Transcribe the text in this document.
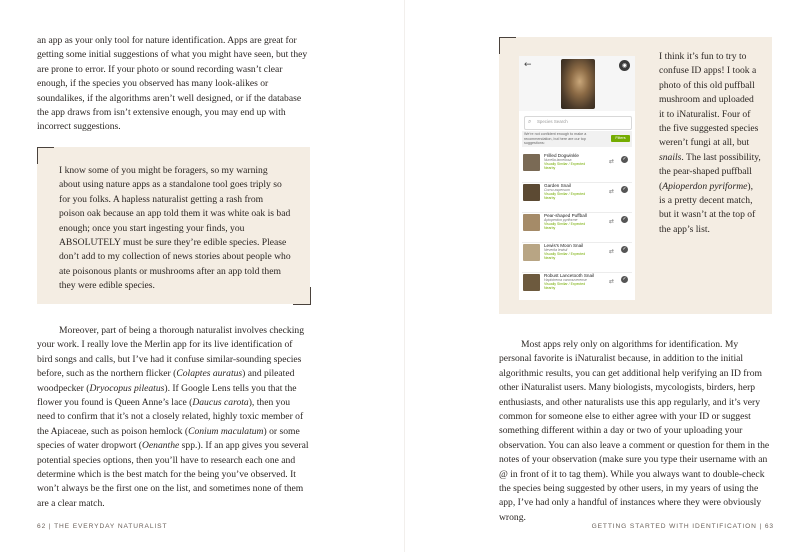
an app as your only tool for nature identification. Apps are great for getting some initial suggestions of what you might have seen, but they are prone to error. If your photo or sound recording wasn’t clear enough, if the species you observed has many look-alikes or soundalikes, if the algorithms aren’t well designed, or if the database the app draws from isn’t extensive enough, you may end up with incorrect suggestions.

I know some of you might be foragers, so my warning about using nature apps as a standalone tool goes triply so for you folks. A hapless naturalist getting a rash from poison oak because an app told them it was white oak is bad enough; once you start ingesting your finds, you ABSOLUTELY must be sure they’re edible species. Please don’t add to my collection of news stories about people who ate poisonous plants or mushrooms after an app told them they were edible species.

Moreover, part of being a thorough naturalist involves checking your work. I really love the Merlin app for its live identification of bird songs and calls, but I’ve had it confuse similar-sounding species before, such as the northern flicker (Colaptes auratus) and pileated woodpecker (Dryocopus pileatus). If Google Lens tells you that the flower you found is Queen Anne’s lace (Daucus carota), then you need to confirm that it’s not a closely related, highly toxic member of the Apiaceae, such as poison hemlock (Conium maculatum) or some species of water dropwort (Oenanthe spp.). If an app gives you several potential species options, then you’ll have to research each one and determine which is the best match for the being you’ve observed. It won’t always be the first one on the list, and sometimes none of them are a clear match.

62 | THE EVERYDAY NATURALIST
←	◉
⌕ Species Search
We’re not confident enough to make a recommendation, but here are our top suggestions:
Filters
Frilled Dogwinkle
Nucella lamellosa
Visually Similar / Expected
Nearby
⇄ ✓
Garden Snail
Cornu aspersum
Visually Similar / Expected
Nearby
⇄ ✓
Pear-shaped Puffball
Apioperdon pyriforme
Visually Similar / Expected
Nearby
⇄ ✓
Lewis's Moon Snail
Neverita lewisii
Visually Similar / Expected
Nearby
⇄ ✓
Robust Lancetooth Snail
Haplotrema vancouverense
Visually Similar / Expected
Nearby
⇄ ✓
I think it’s fun to try to confuse ID apps! I took a photo of this old puffball mushroom and uploaded it to iNaturalist. Four of the five suggested species weren’t fungi at all, but snails. The last possibility, the pear-shaped puffball (Apioperdon pyriforme), is a pretty decent match, but it wasn’t at the top of the app’s list.

Most apps rely only on algorithms for identification. My personal favorite is iNaturalist because, in addition to the initial algorithmic results, you can get additional help verifying an ID from other iNaturalist users. Many biologists, mycologists, birders, herp enthusiasts, and other naturalists use this app regularly, and it’s very common for someone else to either agree with your ID or suggest something different within a day or two of your uploading your observation. You can also leave a comment or question for them in the notes of your observation (make sure you type their username with an @ in front of it to tag them). While you always want to double-check the species being suggested by other users, in my years of using the app, I’ve had only a handful of instances where they were obviously wrong.

GETTING STARTED WITH IDENTIFICATION | 63
